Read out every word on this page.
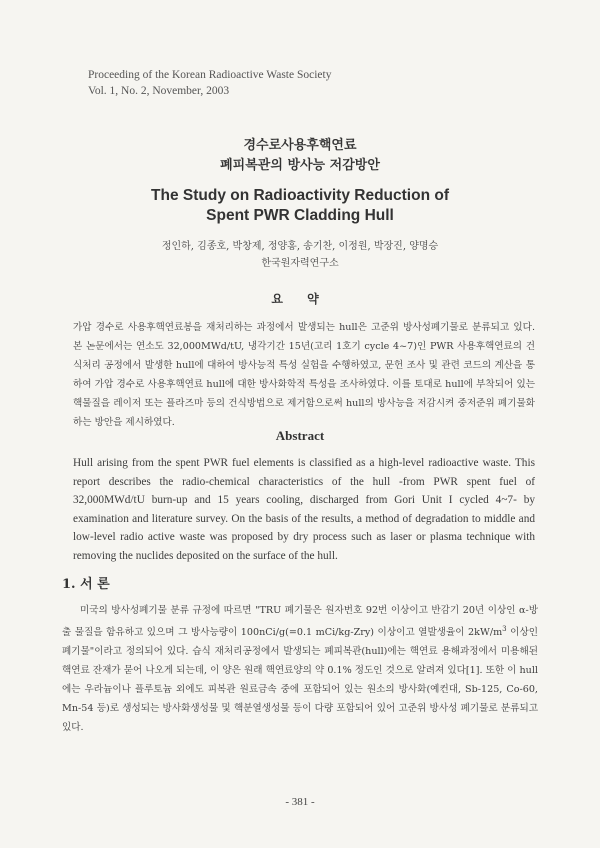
Proceeding of the Korean Radioactive Waste Society
Vol. 1, No. 2, November, 2003
경수로사용후핵연료
폐피복관의 방사능 저감방안
The Study on Radioactivity Reduction of
Spent PWR Cladding Hull
정인하, 김종호, 박창제, 정양홍, 송기찬, 이정원, 박장진, 양명승
한국원자력연구소
요 약

가압 경수로 사용후핵연료봉을 재처리하는 과정에서 발생되는 hull은 고준위 방사성폐기물로 분류되고 있다. 본 논문에서는 연소도 32,000MWd/tU, 냉각기간 15년(고리 1호기 cycle 4~7)인 PWR 사용후핵연료의 건식처리 공정에서 발생한 hull에 대하여 방사능적 특성 실험을 수행하였고, 문헌 조사 및 관련 코드의 계산을 통하여 가압 경수로 사용후핵연료 hull에 대한 방사화학적 특성을 조사하였다. 이를 토대로 hull에 부착되어 있는 핵물질을 레이저 또는 플라즈마 등의 건식방법으로 제거함으로써 hull의 방사능을 저감시켜 중저준위 폐기물화하는 방안을 제시하였다.

Abstract

Hull arising from the spent PWR fuel elements is classified as a high-level radioactive waste. This report describes the radio-chemical characteristics of the hull -from PWR spent fuel of 32,000MWd/tU burn-up and 15 years cooling, discharged from Gori Unit I cycled 4~7- by examination and literature survey. On the basis of the results, a method of degradation to middle and low-level radio active waste was proposed by dry process such as laser or plasma technique with removing the nuclides deposited on the surface of the hull.

1. 서 론

미국의 방사성폐기물 분류 규정에 따르면 "TRU 폐기물은 원자번호 92번 이상이고 반감기 20년 이상인 α-방출 물질을 함유하고 있으며 그 방사능량이 100nCi/g(=0.1 mCi/kg-Zry) 이상이고 열발생율이 $2kW/m^3$ 이상인 폐기물"이라고 정의되어 있다. 습식 재처리공정에서 발생되는 폐피복관(hull)에는 핵연료 용해과정에서 미용해된 핵연료 잔재가 묻어 나오게 되는데, 이 양은 원래 핵연료양의 약 0.1% 정도인 것으로 알려져 있다[1]. 또한 이 hull에는 우라늄이나 플루토늄 외에도 피복관 원료금속 중에 포함되어 있는 원소의 방사화(예컨대, Sb-125, Co-60, Mn-54 등)로 생성되는 방사화생성물 및 핵분열생성물 등이 다량 포함되어 있어 고준위 방사성 폐기물로 분류되고 있다.

- 381 -
